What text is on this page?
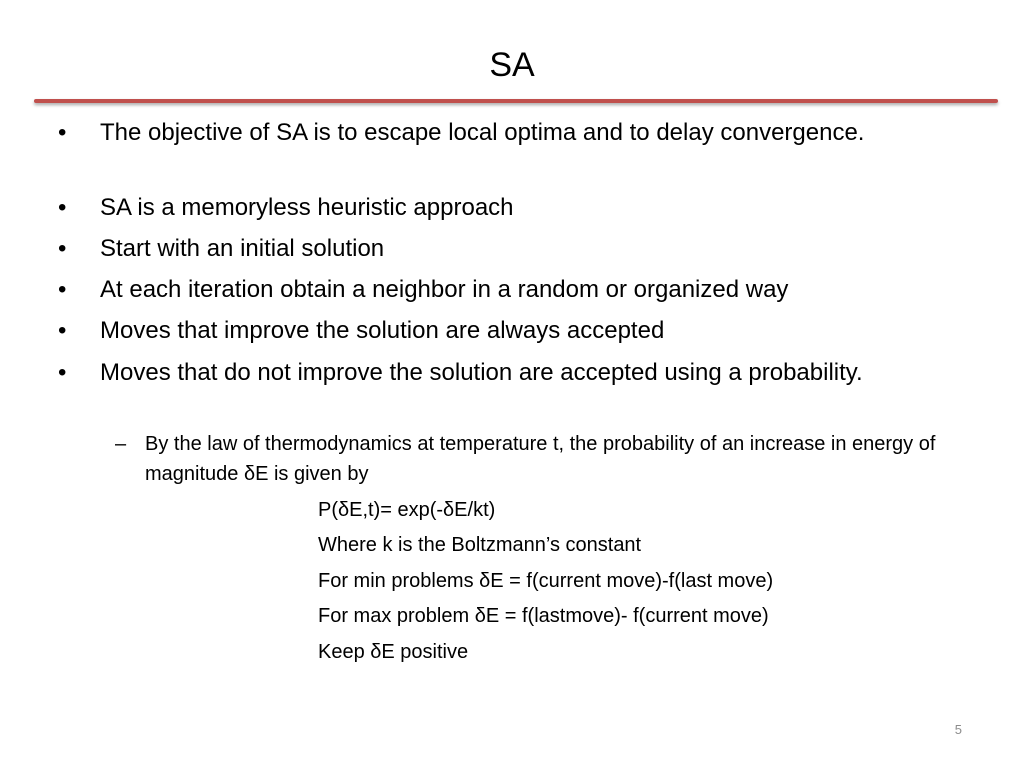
SA
• The objective of SA is to escape local optima and to delay convergence.
• SA is a memoryless heuristic approach
• Start with an initial solution
• At each iteration obtain a neighbor in a random or organized way
• Moves that improve the solution are always accepted
• Moves that do not improve the solution are accepted using a probability.
– By the law of thermodynamics at temperature t, the probability of an increase in energy of magnitude δE is given by
P(δE,t)= exp(-δE/kt)
Where k is the Boltzmann’s constant
For min problems δE = f(current move)-f(last move)
For max problem δE = f(lastmove)- f(current move)
Keep δE positive
5
